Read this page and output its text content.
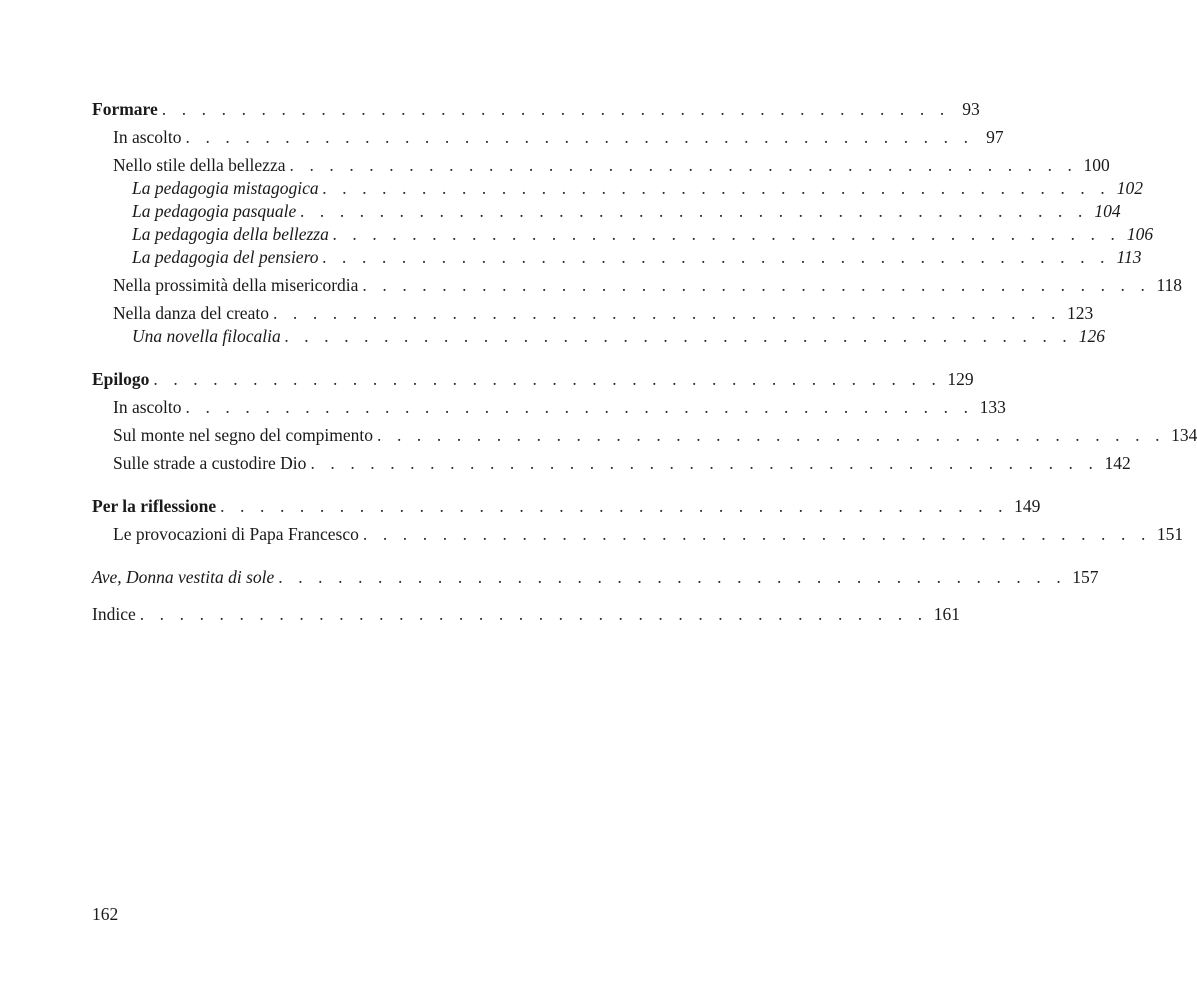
Formare . . . . . . . . . . . . . . . . . . . . . . . . . . . . . . . . . . . . . . . . 93
In ascolto . . . . . . . . . . . . . . . . . . . . . . . . . . . . . . . . . . . . . . . . 97
Nello stile della bellezza . . . . . . . . . . . . . . . . . . . . . . . . . . . . . . . . . . . . . . . . 100
La pedagogia mistagogica . . . . . . . . . . . . . . . . . . . . . . . . . . . . . . . . . . . . . . . . 102
La pedagogia pasquale . . . . . . . . . . . . . . . . . . . . . . . . . . . . . . . . . . . . . . . . 104
La pedagogia della bellezza . . . . . . . . . . . . . . . . . . . . . . . . . . . . . . . . . . . . . . . . 106
La pedagogia del pensiero . . . . . . . . . . . . . . . . . . . . . . . . . . . . . . . . . . . . . . . . 113
Nella prossimità della misericordia . . . . . . . . . . . . . . . . . . . . . . . . . . . . . . . . . . . . . . . . 118
Nella danza del creato . . . . . . . . . . . . . . . . . . . . . . . . . . . . . . . . . . . . . . . . 123
Una novella filocalia . . . . . . . . . . . . . . . . . . . . . . . . . . . . . . . . . . . . . . . . 126
Epilogo . . . . . . . . . . . . . . . . . . . . . . . . . . . . . . . . . . . . . . . . 129
In ascolto . . . . . . . . . . . . . . . . . . . . . . . . . . . . . . . . . . . . . . . . 133
Sul monte nel segno del compimento . . . . . . . . . . . . . . . . . . . . . . . . . . . . . . . . . . . . . . . . 134
Sulle strade a custodire Dio . . . . . . . . . . . . . . . . . . . . . . . . . . . . . . . . . . . . . . . . 142
Per la riflessione . . . . . . . . . . . . . . . . . . . . . . . . . . . . . . . . . . . . . . . . 149
Le provocazioni di Papa Francesco . . . . . . . . . . . . . . . . . . . . . . . . . . . . . . . . . . . . . . . . 151
Ave, Donna vestita di sole . . . . . . . . . . . . . . . . . . . . . . . . . . . . . . . . . . . . . . . . 157
Indice . . . . . . . . . . . . . . . . . . . . . . . . . . . . . . . . . . . . . . . . 161
162
